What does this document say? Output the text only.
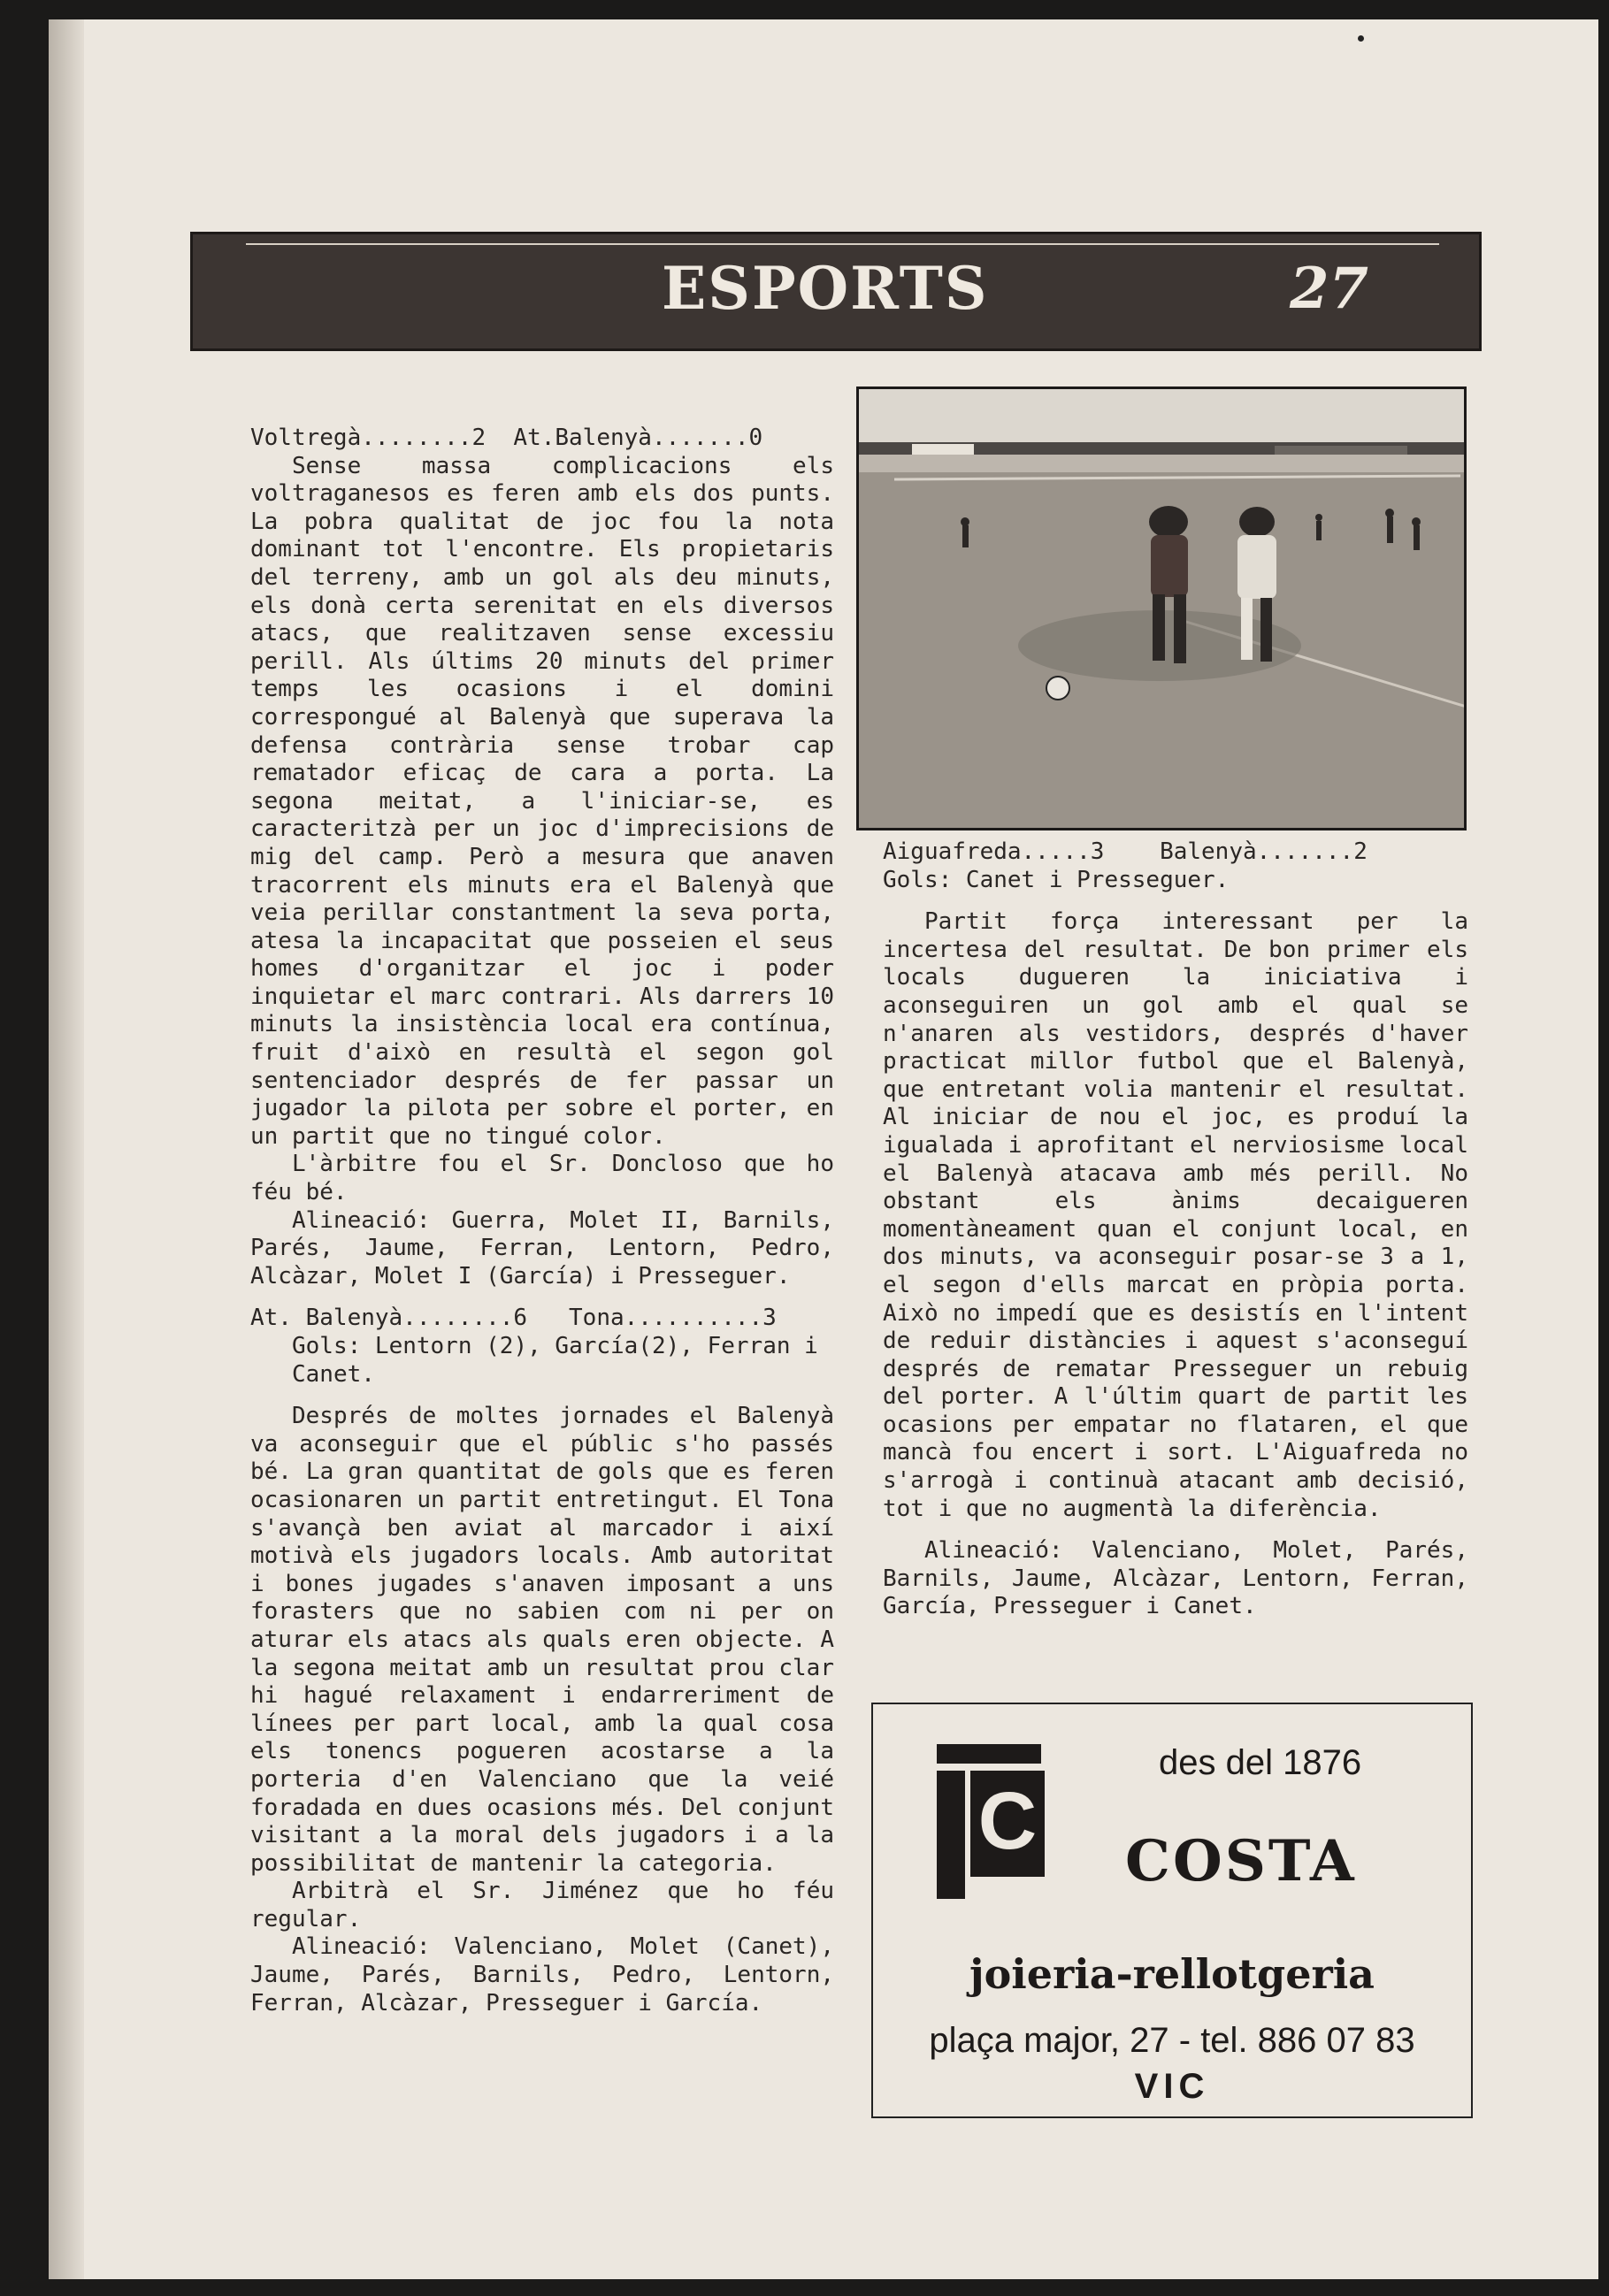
ESPORTS	27

Voltregà........2  At.Balenyà.......0

Sense massa complicacions els voltraganesos es feren amb els dos punts. La pobra qualitat de joc fou la nota dominant tot l'encontre. Els propietaris del terreny, amb un gol als deu minuts, els donà certa serenitat en els diversos atacs, que realitzaven sense excessiu perill. Als últims 20 minuts del primer temps les ocasions i el domini correspongué al Balenyà que superava la defensa contrària sense trobar cap rematador eficaç de cara a porta. La segona meitat, a l'iniciar-se, es caracteritzà per un joc d'imprecisions de mig del camp. Però a mesura que anaven tracorrent els minuts era el Balenyà que veia perillar constantment la seva porta, atesa la incapacitat que posseien el seus homes d'organitzar el joc i poder inquietar el marc contrari. Als darrers 10 minuts la insistència local era contínua, fruit d'això en resultà el segon gol sentenciador després de fer passar un jugador la pilota per sobre el porter, en un partit que no tingué color.

L'àrbitre fou el Sr. Doncloso que ho féu bé.

Alineació: Guerra, Molet II, Barnils, Parés, Jaume, Ferran, Lentorn, Pedro, Alcàzar, Molet I (García) i Presseguer.

At. Balenyà........6   Tona..........3

Gols: Lentorn (2), García(2), Ferran i Canet.

Després de moltes jornades el Balenyà va aconseguir que el públic s'ho passés bé. La gran quantitat de gols que es feren ocasionaren un partit entretingut. El Tona s'avançà ben aviat al marcador i així motivà els jugadors locals. Amb autoritat i bones jugades s'anaven imposant a uns forasters que no sabien com ni per on aturar els atacs als quals eren objecte. A la segona meitat amb un resultat prou clar hi hagué relaxament i endarreriment de línees per part local, amb la qual cosa els tonencs pogueren acostarse a la porteria d'en Valenciano que la veié foradada en dues ocasions més. Del conjunt visitant a la moral dels jugadors i a la possibilitat de mantenir la categoria.

Arbitrà el Sr. Jiménez que ho féu regular.

Alineació: Valenciano, Molet (Canet), Jaume, Parés, Barnils, Pedro, Lentorn, Ferran, Alcàzar, Presseguer i García.

Aiguafreda.....3    Balenyà.......2

Gols: Canet i Presseguer.

Partit força interessant per la incertesa del resultat. De bon primer els locals dugueren la iniciativa i aconseguiren un gol amb el qual se n'anaren als vestidors, després d'haver practicat millor futbol que el Balenyà, que entretant volia mantenir el resultat. Al iniciar de nou el joc, es produí la igualada i aprofitant el nerviosisme local el Balenyà atacava amb més perill. No obstant els ànims decaigueren momentàneament quan el conjunt local, en dos minuts, va aconseguir posar-se 3 a 1, el segon d'ells marcat en pròpia porta. Això no impedí que es desistís en l'intent de reduir distàncies i aquest s'aconseguí després de rematar Presseguer un rebuig del porter. A l'últim quart de partit les ocasions per empatar no flataren, el que mancà fou encert i sort. L'Aiguafreda no s'arrogà i continuà atacant amb decisió, tot i que no augmentà la diferència.

Alineació: Valenciano, Molet, Parés, Barnils, Jaume, Alcàzar, Lentorn, Ferran, García, Presseguer i Canet.

C
des del 1876
COSTA
joieria-rellotgeria
plaça major, 27 - tel. 886 07 83
VIC
